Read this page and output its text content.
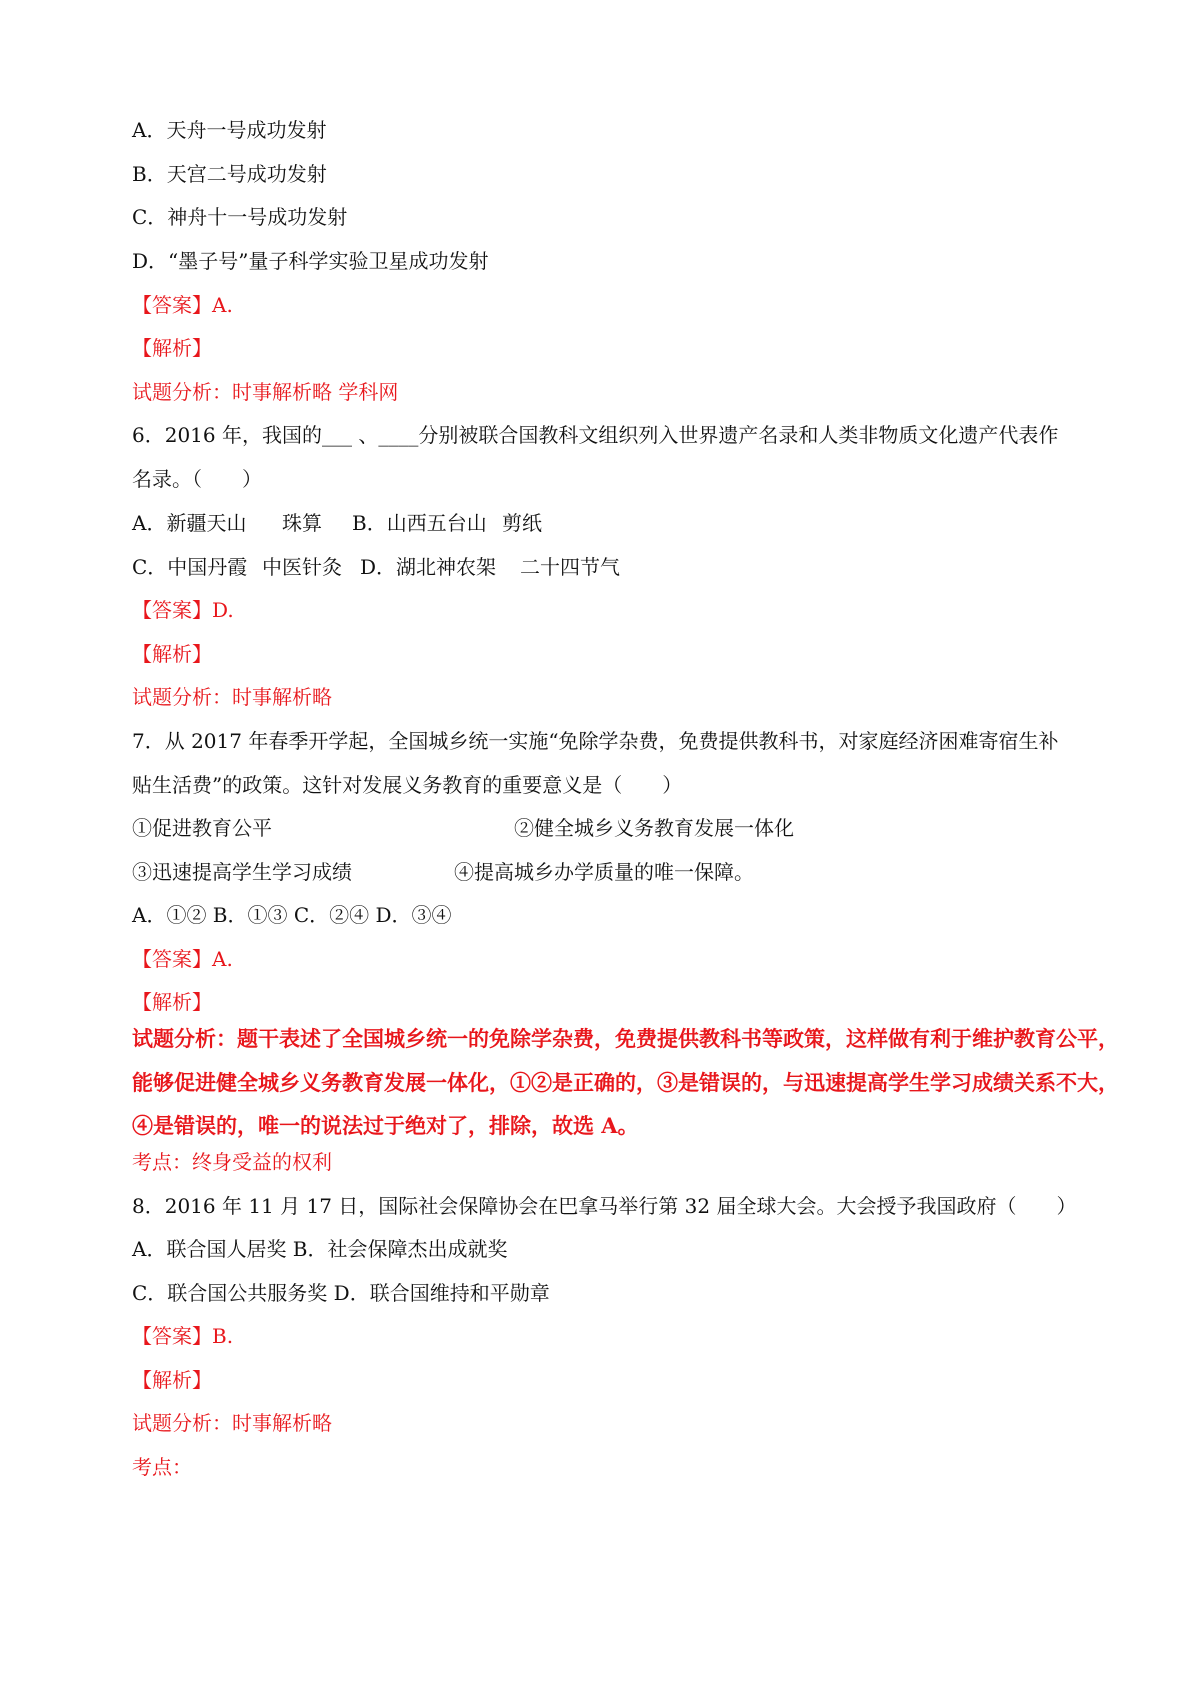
A．天舟一号成功发射

B．天宫二号成功发射

C．神舟十一号成功发射

D．“墨子号”量子科学实验卫星成功发射

【答案】A.

【解析】

试题分析：时事解析略 学科网

6．2016 年，我国的___ 、____分别被联合国教科文组织列入世界遗产名录和人类非物质文化遗产代表作

名录。（　　）

A．新疆天山 珠算 B．山西五台山 剪纸

C．中国丹霞 中医针灸 D．湖北神农架 二十四节气

【答案】D.

【解析】

试题分析：时事解析略

7．从 2017 年春季开学起，全国城乡统一实施“免除学杂费，免费提供教科书，对家庭经济困难寄宿生补

贴生活费”的政策。这针对发展义务教育的重要意义是（　　）

①促进教育公平	②健全城乡义务教育发展一体化

③迅速提高学生学习成绩	④提高城乡办学质量的唯一保障。

A．①② B．①③ C．②④ D．③④

【答案】A.

【解析】

试题分析：题干表述了全国城乡统一的免除学杂费，免费提供教科书等政策，这样做有利于维护教育公平，

能够促进健全城乡义务教育发展一体化，①②是正确的，③是错误的，与迅速提高学生学习成绩关系不大，

④是错误的，唯一的说法过于绝对了，排除，故选 A。

考点：终身受益的权利

8．2016 年 11 月 17 日，国际社会保障协会在巴拿马举行第 32 届全球大会。大会授予我国政府（　　）

A．联合国人居奖 B．社会保障杰出成就奖

C．联合国公共服务奖 D．联合国维持和平勋章

【答案】B.

【解析】

试题分析：时事解析略

考点：
